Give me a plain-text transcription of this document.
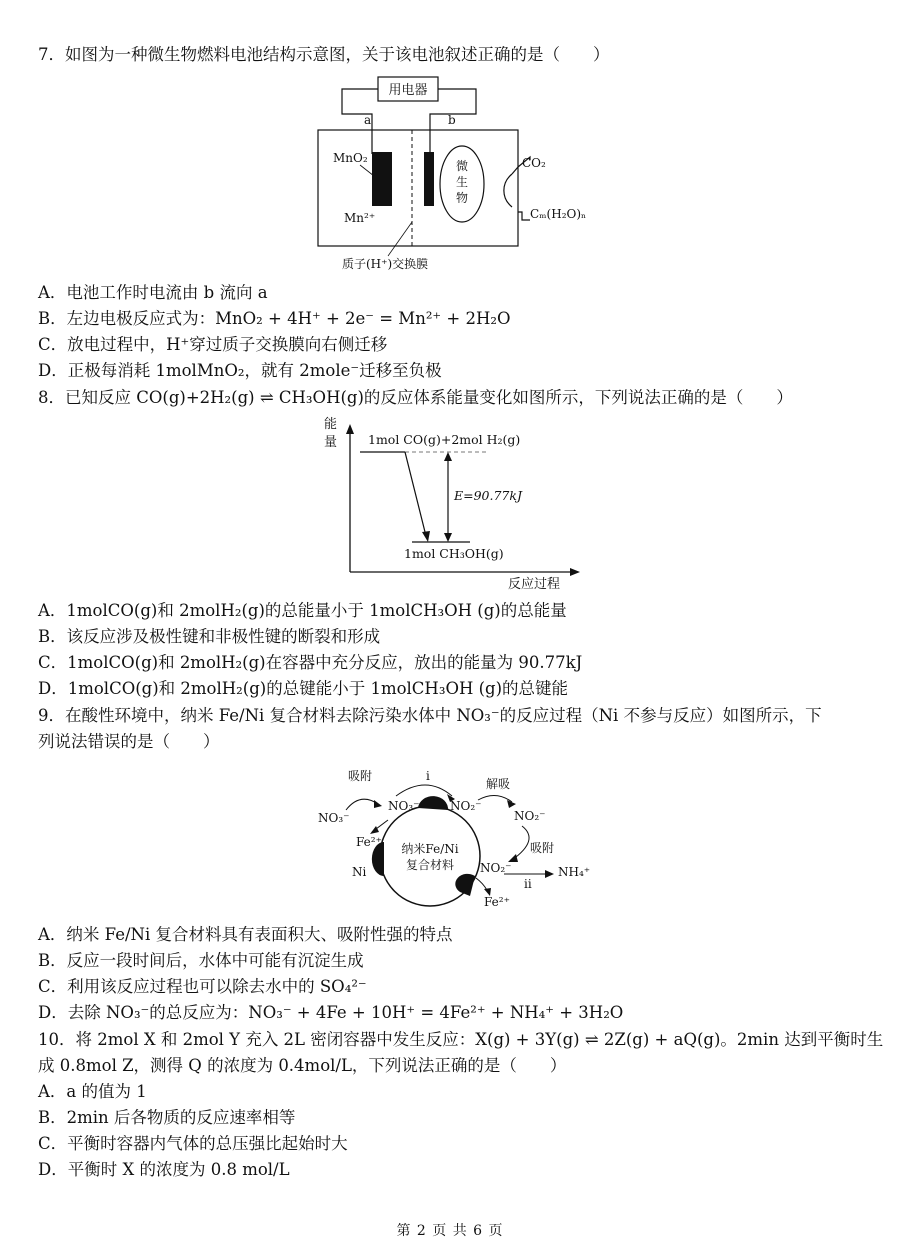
7．如图为一种微生物燃料电池结构示意图，关于该电池叙述正确的是（　　）
用电器
a	b
质子(H⁺)交换膜
MnO₂
Mn²⁺
微
生
物
CO₂
Cₘ(H₂O)ₙ
A．电池工作时电流由 b 流向 a
B．左边电极反应式为：MnO₂ + 4H⁺ + 2e⁻ = Mn²⁺ + 2H₂O
C．放电过程中，H⁺穿过质子交换膜向右侧迁移
D．正极每消耗 1molMnO₂，就有 2mole⁻迁移至负极
8．已知反应 CO(g)+2H₂(g) ⇌ CH₃OH(g)的反应体系能量变化如图所示，下列说法正确的是（　　）
能
量
反应过程
1mol CO(g)+2mol H₂(g)
1mol CH₃OH(g)
E=90.77kJ
A．1molCO(g)和 2molH₂(g)的总能量小于 1molCH₃OH (g)的总能量
B．该反应涉及极性键和非极性键的断裂和形成
C．1molCO(g)和 2molH₂(g)在容器中充分反应，放出的能量为 90.77kJ
D．1molCO(g)和 2molH₂(g)的总键能小于 1molCH₃OH (g)的总键能
9．在酸性环境中，纳米 Fe/Ni 复合材料去除污染水体中 NO₃⁻的反应过程（Ni 不参与反应）如图所示，下
列说法错误的是（　　）
纳米Fe/Ni
复合材料
Ni
吸附	i
解吸
NO₃⁻
NO₃⁻	NO₂⁻
NO₂⁻
Fe²⁺	吸附
NO₂⁻
ii
NH₄⁺
Fe²⁺
A．纳米 Fe/Ni 复合材料具有表面积大、吸附性强的特点
B．反应一段时间后，水体中可能有沉淀生成
C．利用该反应过程也可以除去水中的 SO₄²⁻
D．去除 NO₃⁻的总反应为：NO₃⁻ + 4Fe + 10H⁺ = 4Fe²⁺ + NH₄⁺ + 3H₂O
10．将 2mol X 和 2mol Y 充入 2L 密闭容器中发生反应：X(g) + 3Y(g) ⇌ 2Z(g) + aQ(g)。2min 达到平衡时生
成 0.8mol Z，测得 Q 的浓度为 0.4mol/L，下列说法正确的是（　　）
A．a 的值为 1
B．2min 后各物质的反应速率相等
C．平衡时容器内气体的总压强比起始时大
D．平衡时 X 的浓度为 0.8 mol/L
第 2 页 共 6 页
